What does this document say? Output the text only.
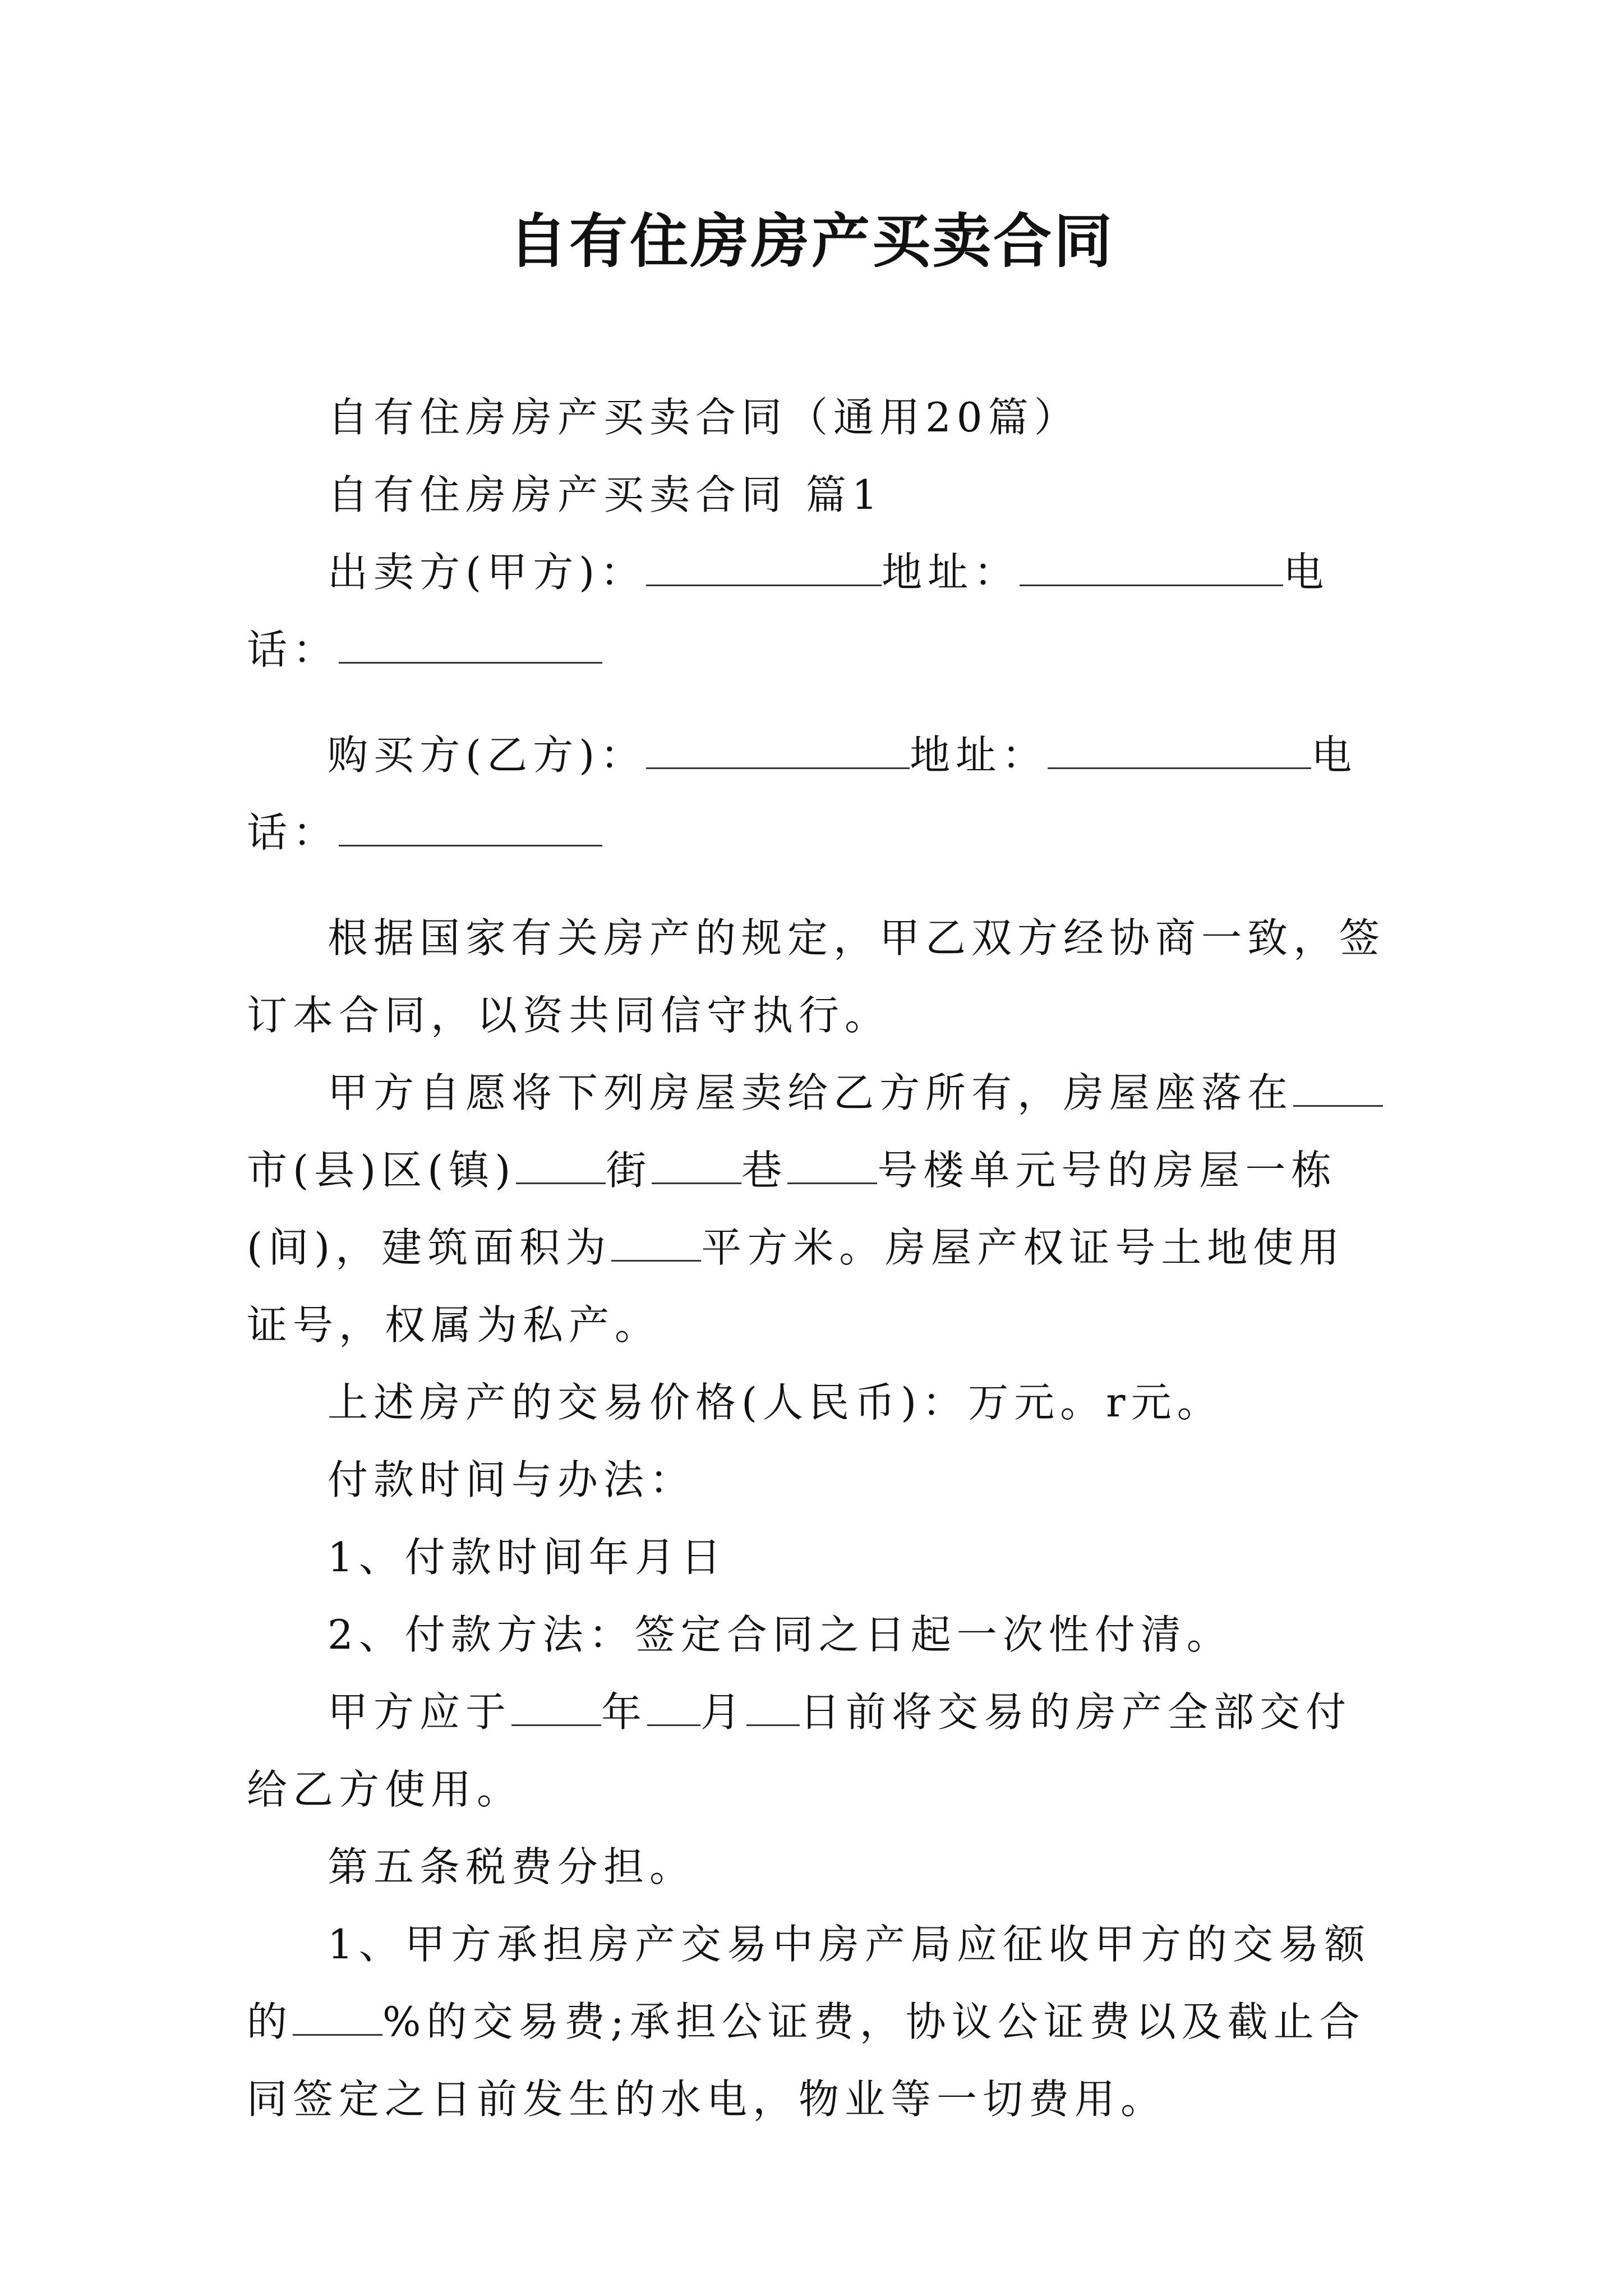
自有住房房产买卖合同

自有住房房产买卖合同（通用20篇）

自有住房房产买卖合同 篇1

出卖方(甲方)：	地址：	电话：

购买方(乙方)：	地址：	电话：

根据国家有关房产的规定，甲乙双方经协商一致，签订本合同，以资共同信守执行。

甲方自愿将下列房屋卖给乙方所有，房屋座落在市(县)区(镇) 街 巷 号楼单元号的房屋一栋(间)，建筑面积为 平方米。房屋产权证号土地使用证号，权属为私产。

上述房产的交易价格(人民币)：万元。r元。

付款时间与办法：

1、付款时间年月日

2、付款方法：签定合同之日起一次性付清。

甲方应于 年 月 日前将交易的房产全部交付给乙方使用。

第五条税费分担。

1、甲方承担房产交易中房产局应征收甲方的交易额的 %的交易费;承担公证费，协议公证费以及截止合同签定之日前发生的水电，物业等一切费用。
